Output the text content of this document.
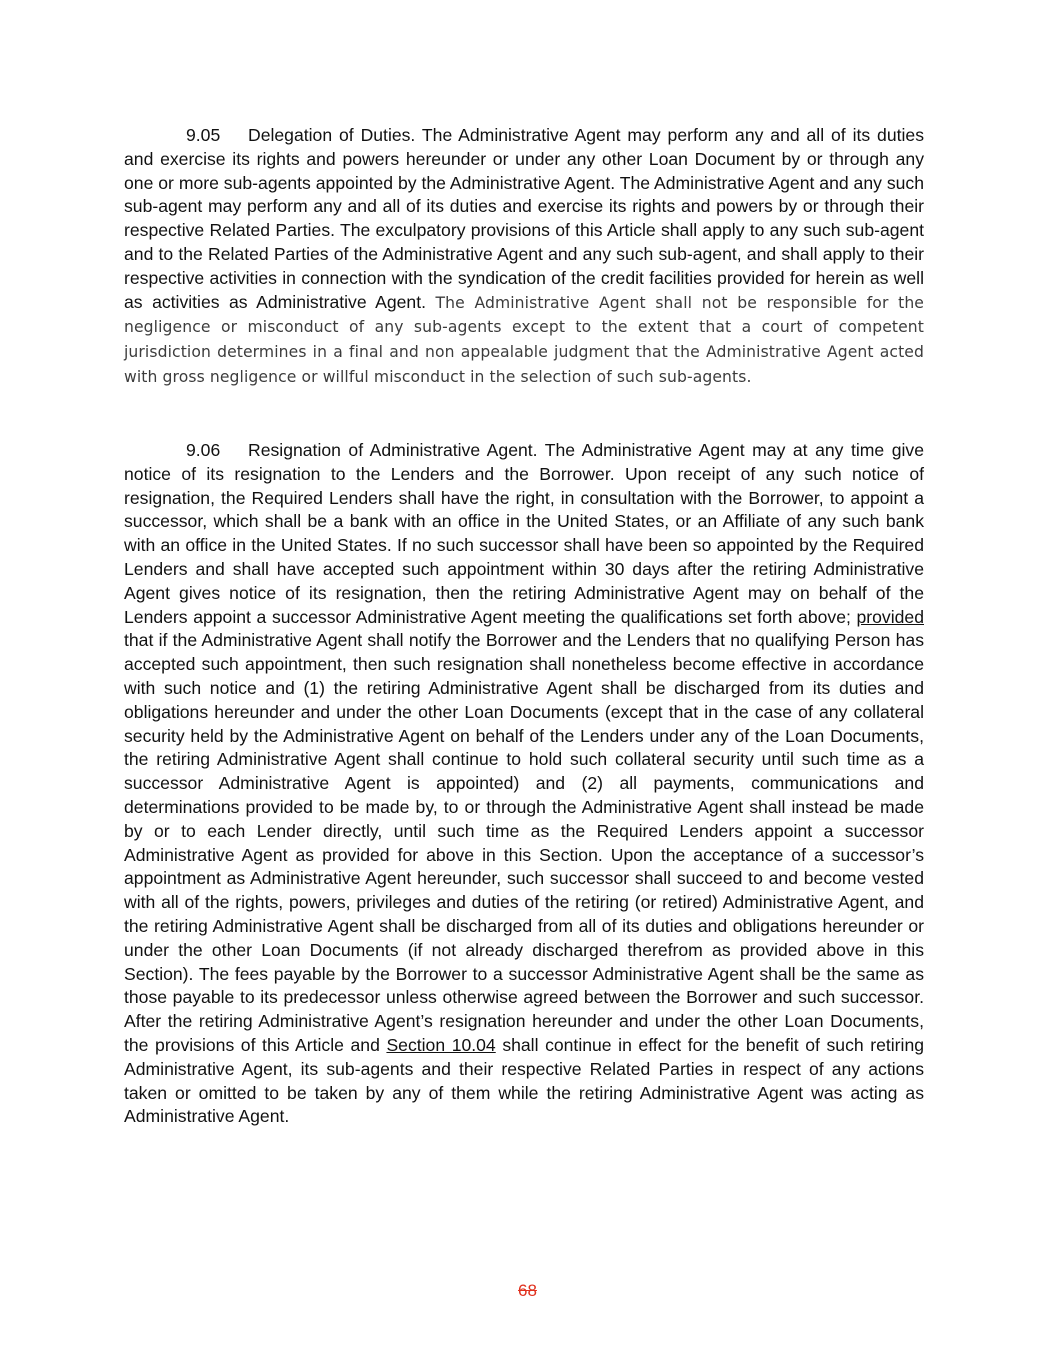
9.05 Delegation of Duties. The Administrative Agent may perform any and all of its duties and exercise its rights and powers hereunder or under any other Loan Document by or through any one or more sub-agents appointed by the Administrative Agent. The Administrative Agent and any such sub-agent may perform any and all of its duties and exercise its rights and powers by or through their respective Related Parties. The exculpatory provisions of this Article shall apply to any such sub-agent and to the Related Parties of the Administrative Agent and any such sub-agent, and shall apply to their respective activities in connection with the syndication of the credit facilities provided for herein as well as activities as Administrative Agent. The Administrative Agent shall not be responsible for the negligence or misconduct of any sub-agents except to the extent that a court of competent jurisdiction determines in a final and non appealable judgment that the Administrative Agent acted with gross negligence or willful misconduct in the selection of such sub-agents.

9.06 Resignation of Administrative Agent. The Administrative Agent may at any time give notice of its resignation to the Lenders and the Borrower. Upon receipt of any such notice of resignation, the Required Lenders shall have the right, in consultation with the Borrower, to appoint a successor, which shall be a bank with an office in the United States, or an Affiliate of any such bank with an office in the United States. If no such successor shall have been so appointed by the Required Lenders and shall have accepted such appointment within 30 days after the retiring Administrative Agent gives notice of its resignation, then the retiring Administrative Agent may on behalf of the Lenders appoint a successor Administrative Agent meeting the qualifications set forth above; provided that if the Administrative Agent shall notify the Borrower and the Lenders that no qualifying Person has accepted such appointment, then such resignation shall nonetheless become effective in accordance with such notice and (1) the retiring Administrative Agent shall be discharged from its duties and obligations hereunder and under the other Loan Documents (except that in the case of any collateral security held by the Administrative Agent on behalf of the Lenders under any of the Loan Documents, the retiring Administrative Agent shall continue to hold such collateral security until such time as a successor Administrative Agent is appointed) and (2) all payments, communications and determinations provided to be made by, to or through the Administrative Agent shall instead be made by or to each Lender directly, until such time as the Required Lenders appoint a successor Administrative Agent as provided for above in this Section. Upon the acceptance of a successor’s appointment as Administrative Agent hereunder, such successor shall succeed to and become vested with all of the rights, powers, privileges and duties of the retiring (or retired) Administrative Agent, and the retiring Administrative Agent shall be discharged from all of its duties and obligations hereunder or under the other Loan Documents (if not already discharged therefrom as provided above in this Section). The fees payable by the Borrower to a successor Administrative Agent shall be the same as those payable to its predecessor unless otherwise agreed between the Borrower and such successor. After the retiring Administrative Agent’s resignation hereunder and under the other Loan Documents, the provisions of this Article and Section 10.04 shall continue in effect for the benefit of such retiring Administrative Agent, its sub-agents and their respective Related Parties in respect of any actions taken or omitted to be taken by any of them while the retiring Administrative Agent was acting as Administrative Agent.

68
